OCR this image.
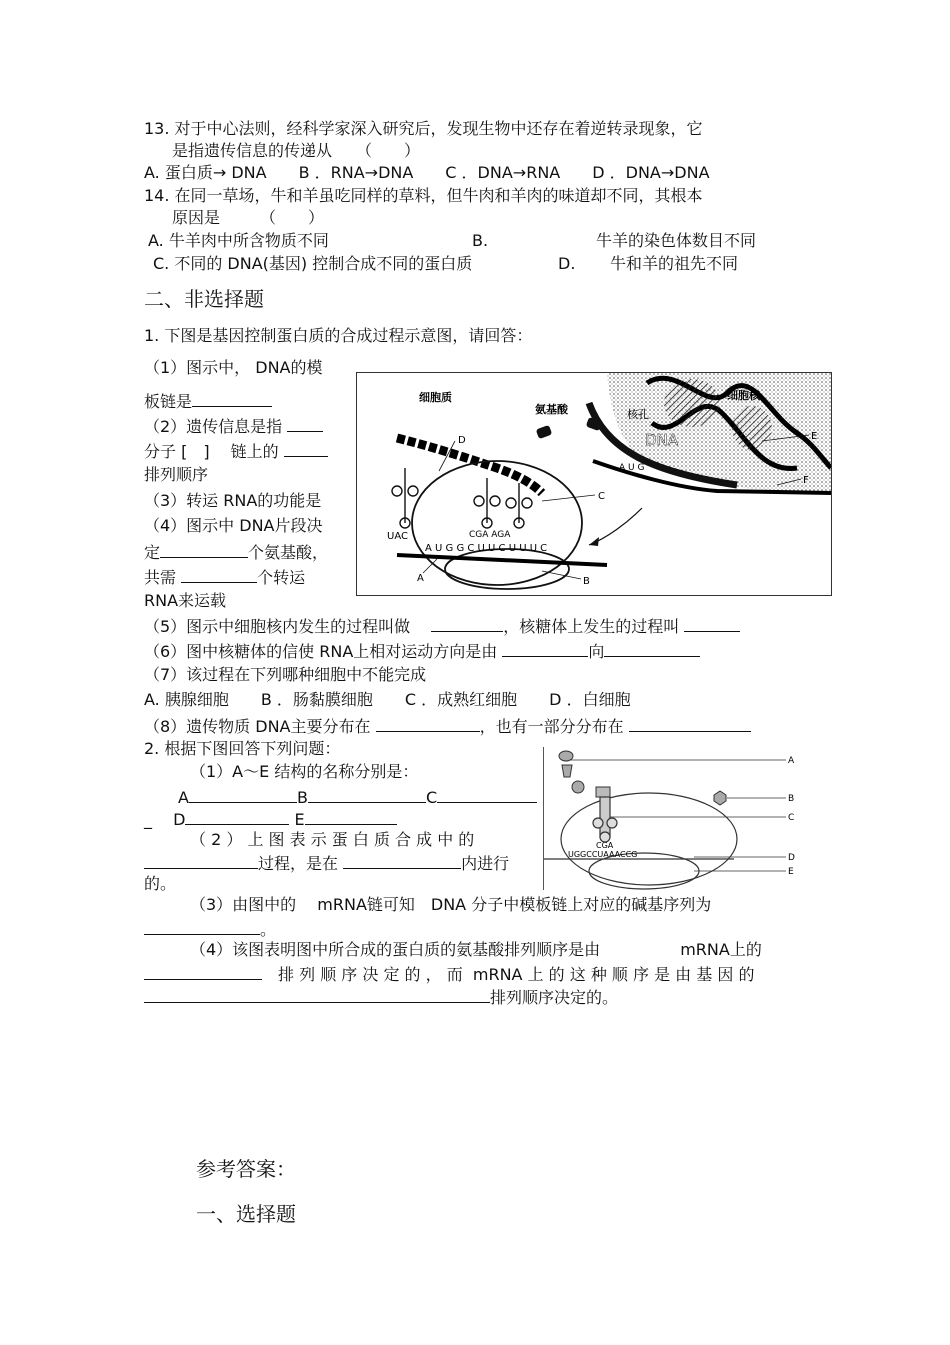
13. 对于中心法则，经科学家深入研究后，发现生物中还存在着逆转录现象，它
是指遗传信息的传递从　　（　　）
A. 蛋白质→ DNA　　B ．RNA→DNA　　C ．DNA→RNA　　D ．DNA→DNA
14. 在同一草场，牛和羊虽吃同样的草料，但牛肉和羊肉的味道却不同，其根本
原因是　　　（　　）
A. 牛羊肉中所含物质不同	B.	牛羊的染色体数目不同
C. 不同的 DNA(基因) 控制合成不同的蛋白质	D. 牛和羊的祖先不同
二、非选择题
1. 下图是基因控制蛋白质的合成过程示意图，请回答：
（1）图示中， DNA的模
板链是
（2）遗传信息是指
分子 [　]　 链上的
排列顺序
（3）转运 RNA的功能是
（4）图示中 DNA片段决
定	个氨基酸，
共需	个转运
RNA来运载
DNA
核孔
细胞核
A U G
细胞质
氨基酸
A U G G C U U C U U U C
UAC	CGA AGA
D
C
E
F
A	B
（5）图示中细胞核内发生的过程叫做　	，核糖体上发生的过程叫
（6）图中核糖体的信使 RNA上相对运动方向是由	向
（7）该过程在下列哪种细胞中不能完成
A. 胰腺细胞　　B ．肠黏膜细胞　　C ．成熟红细胞　　D ．白细胞
（8）遗传物质 DNA主要分布在	，也有一部分分布在
2. 根据下图回答下列问题：
（1）A～E 结构的名称分别是：
A	B	C
_　 D	E
（ 2 ） 上 图 表 示 蛋 白 质 合 成 中 的
过程，是在	内进行
的。
CGA
UGGCCUAAACCG
A
B
C
D
E
（3）由图中的 　mRNA链可知　DNA 分子中模板链上对应的碱基序列为
。
（4）该图表明图中所合成的蛋白质的氨基酸排列顺序是由　　　　　	mRNA上的
　排 列 顺 序 决 定 的 ， 而  mRNA 上 的 这 种 顺 序 是 由 基 因 的
排列顺序决定的。
参考答案：
一、选择题
